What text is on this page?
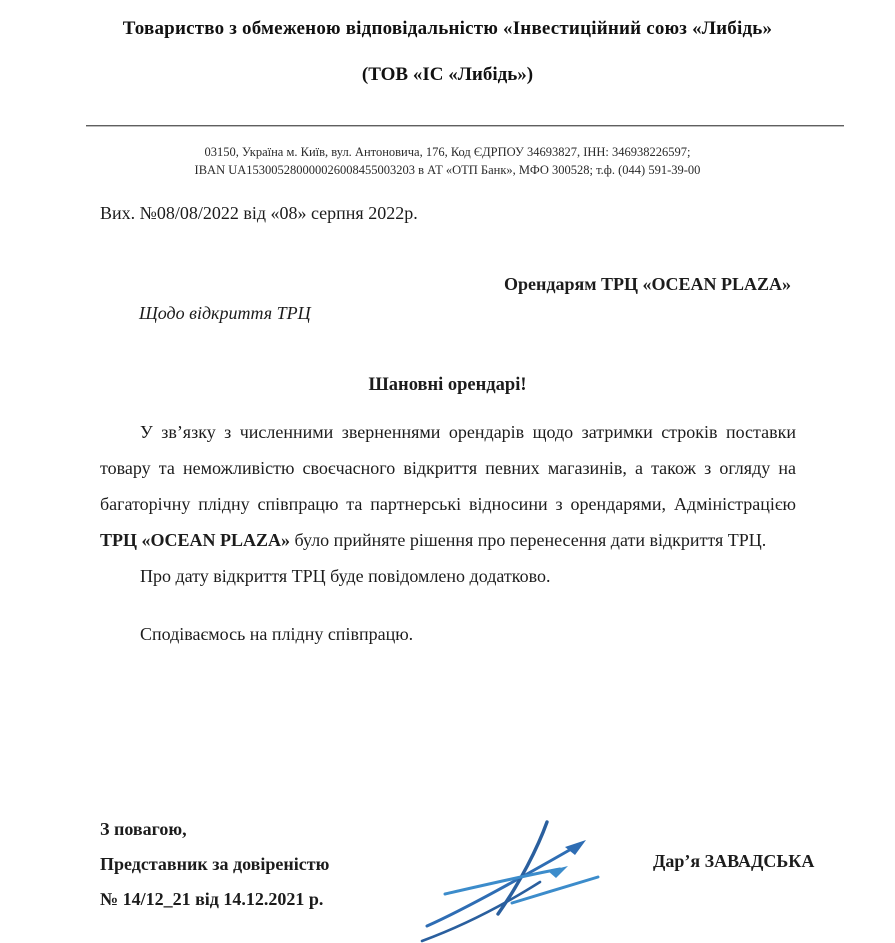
Товариство з обмеженою відповідальністю «Інвестиційний союз «Либідь»
(ТОВ «ІС «Либідь»)
03150, Україна м. Київ, вул. Антоновича, 176, Код ЄДРПОУ 34693827, ІНН: 346938226597;
IBAN UA153005280000026008455003203 в АТ «ОТП Банк», МФО 300528; т.ф. (044) 591-39-00
Вих. №08/08/2022 від «08» серпня 2022р.
Орендарям ТРЦ «OCEAN PLAZA»
Щодо відкриття ТРЦ
Шановні орендарі!

У зв’язку з численними зверненнями орендарів щодо затримки строків поставки товару та неможливістю своєчасного відкриття певних магазинів, а також з огляду на багаторічну плідну співпрацю та партнерські відносини з орендарями, Адміністрацією ТРЦ «OCEAN PLAZA» було прийняте рішення про перенесення дати відкриття ТРЦ.

Про дату відкриття ТРЦ буде повідомлено додатково.

Сподіваємось на плідну співпрацю.

З повагою,
Представник за довіреністю
№ 14/12_21 від 14.12.2021 р.
Дар’я ЗАВАДСЬКА
